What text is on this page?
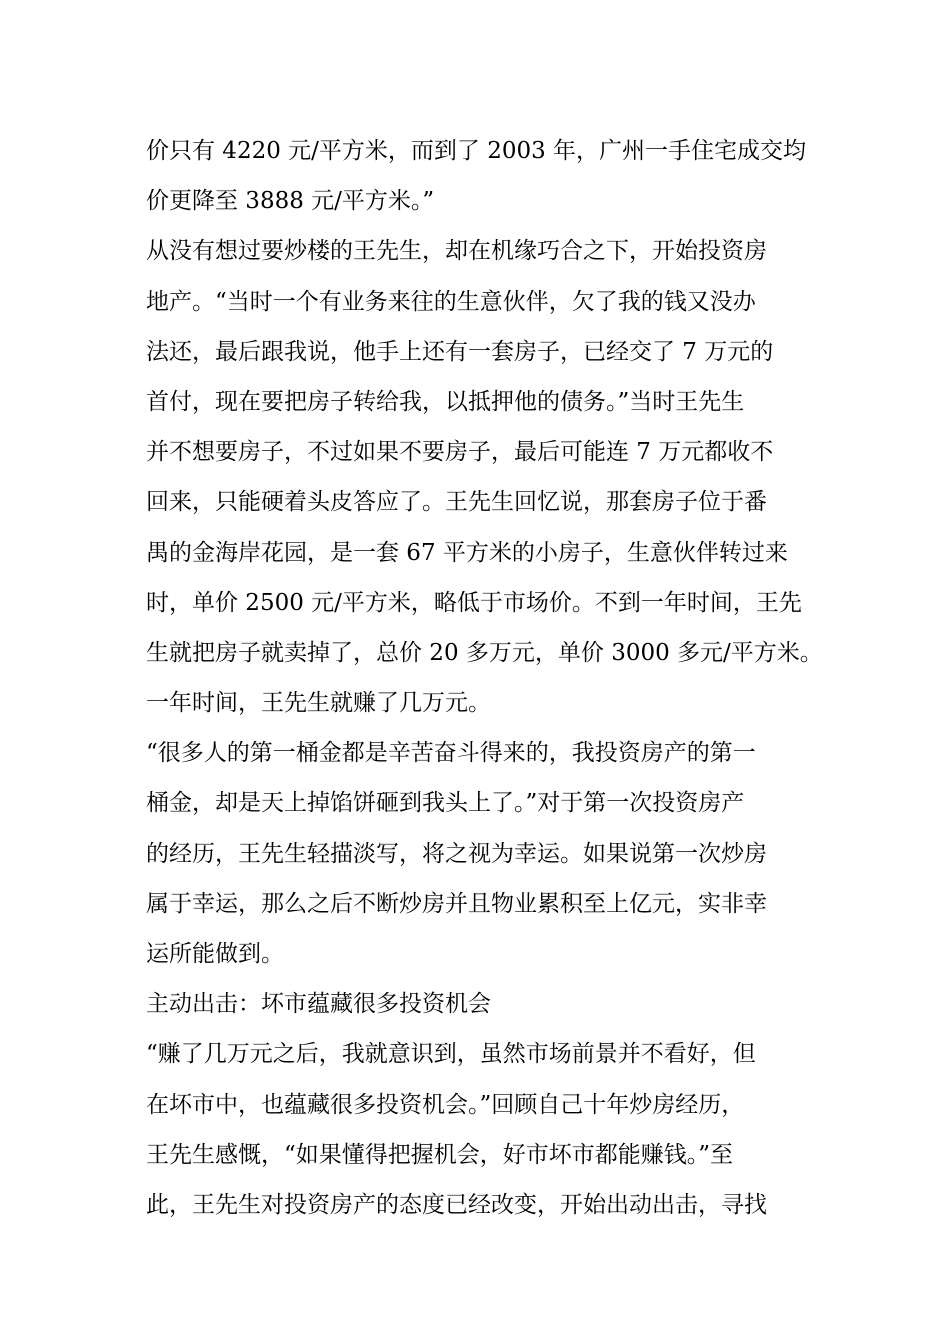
价只有 4220 元/平方米，而到了 2003 年，广州一手住宅成交均
价更降至 3888 元/平方米。”
从没有想过要炒楼的王先生，却在机缘巧合之下，开始投资房
地产。“当时一个有业务来往的生意伙伴，欠了我的钱又没办
法还，最后跟我说，他手上还有一套房子，已经交了 7 万元的
首付，现在要把房子转给我，以抵押他的债务。”当时王先生
并不想要房子，不过如果不要房子，最后可能连 7 万元都收不
回来，只能硬着头皮答应了。王先生回忆说，那套房子位于番
禺的金海岸花园，是一套 67 平方米的小房子，生意伙伴转过来
时，单价 2500 元/平方米，略低于市场价。不到一年时间，王先
生就把房子就卖掉了，总价 20 多万元，单价 3000 多元/平方米。
一年时间，王先生就赚了几万元。
“很多人的第一桶金都是辛苦奋斗得来的，我投资房产的第一
桶金，却是天上掉馅饼砸到我头上了。”对于第一次投资房产
的经历，王先生轻描淡写，将之视为幸运。如果说第一次炒房
属于幸运，那么之后不断炒房并且物业累积至上亿元，实非幸
运所能做到。
主动出击：坏市蕴藏很多投资机会
“赚了几万元之后，我就意识到，虽然市场前景并不看好，但
在坏市中，也蕴藏很多投资机会。”回顾自己十年炒房经历，
王先生感慨，“如果懂得把握机会，好市坏市都能赚钱。”至
此，王先生对投资房产的态度已经改变，开始出动出击，寻找
